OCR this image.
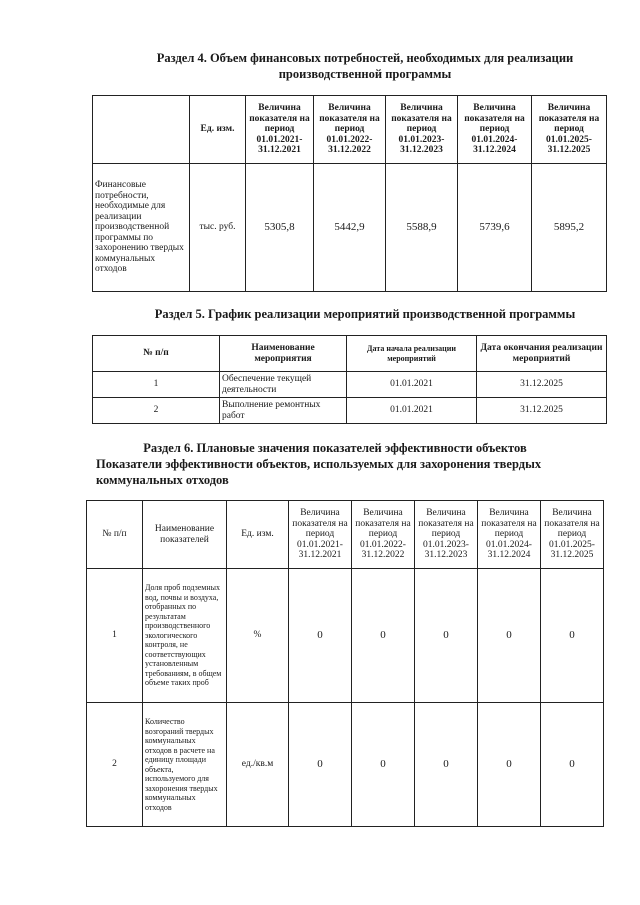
Раздел 4. Объем финансовых потребностей, необходимых для реализации
производственной программы
	Ед. изм.	Величина показателя на период 01.01.2021-31.12.2021	Величина показателя на период 01.01.2022-31.12.2022	Величина показателя на период 01.01.2023-31.12.2023	Величина показателя на период 01.01.2024-31.12.2024	Величина показателя на период 01.01.2025-31.12.2025
Финансовые потребности, необходимые для реализации производственной программы по захоронению твердых коммунальных отходов	тыс. руб.	5305,8	5442,9	5588,9	5739,6	5895,2
Раздел 5. График реализации мероприятий производственной программы
№ п/п	Наименование мероприятия	Дата начала реализации мероприятий	Дата окончания реализации мероприятий
1	Обеспечение текущей деятельности	01.01.2021	31.12.2025
2	Выполнение ремонтных работ	01.01.2021	31.12.2025
Раздел 6. Плановые значения показателей эффективности объектов
Показатели эффективности объектов, используемых для захоронения твердых
коммунальных отходов
№ п/п	Наименование показателей	Ед. изм.	Величина показателя на период 01.01.2021-31.12.2021	Величина показателя на период 01.01.2022-31.12.2022	Величина показателя на период 01.01.2023-31.12.2023	Величина показателя на период 01.01.2024-31.12.2024	Величина показателя на период 01.01.2025-31.12.2025
1	Доля проб подземных вод, почвы и воздуха, отобранных по результатам производственного экологического контроля, не соответствующих установленным требованиям, в общем объеме таких проб	%	0	0	0	0	0
2	Количество возгораний твердых коммунальных отходов в расчете на единицу площади объекта, используемого для захоронения твердых коммунальных отходов	ед./кв.м	0	0	0	0	0
